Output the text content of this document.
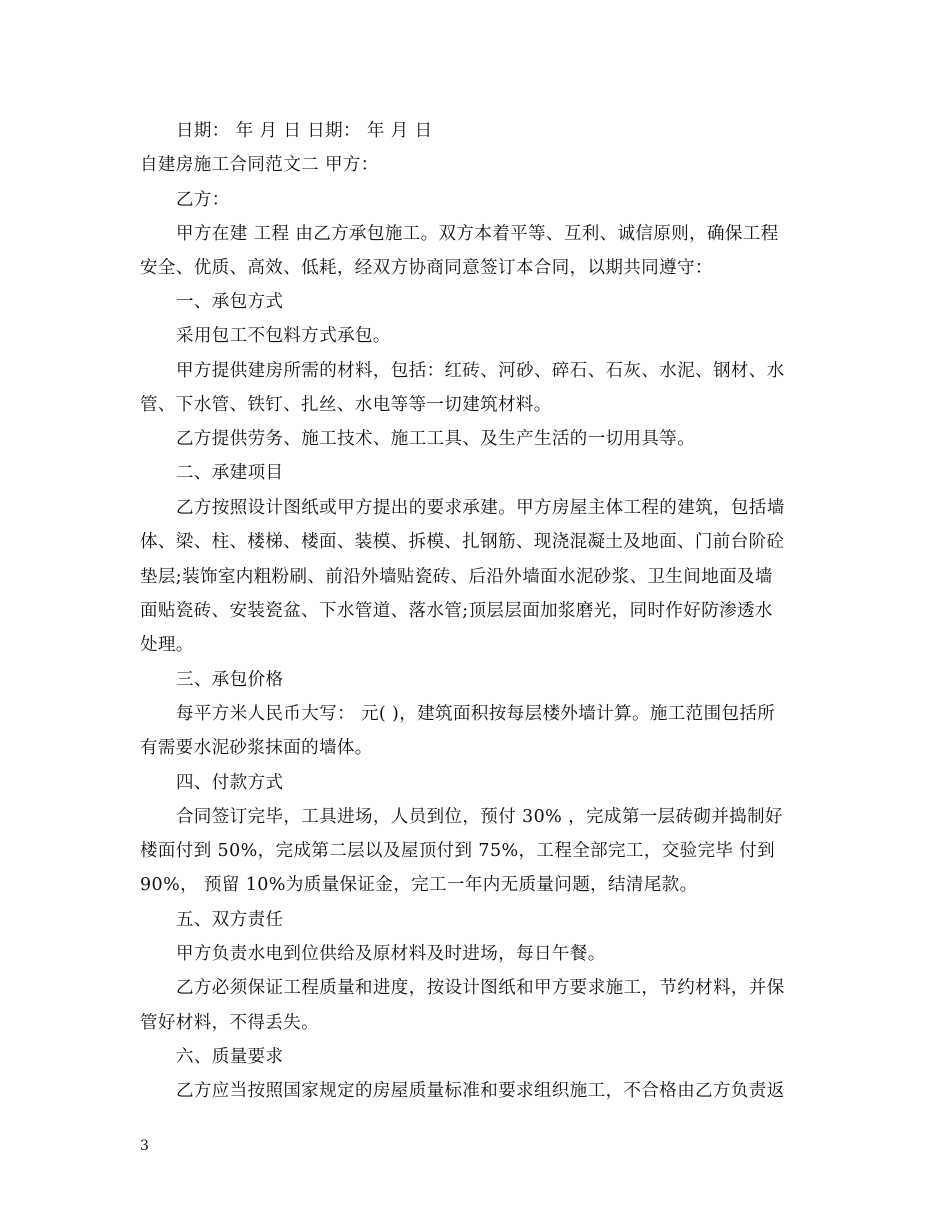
日期： 年 月 日 日期： 年 月 日
自建房施工合同范文二 甲方：
乙方：
甲方在建 工程 由乙方承包施工。双方本着平等、互利、诚信原则，确保工程
安全、优质、高效、低耗，经双方协商同意签订本合同，以期共同遵守：
一、承包方式
采用包工不包料方式承包。
甲方提供建房所需的材料，包括：红砖、河砂、碎石、石灰、水泥、钢材、水
管、下水管、铁钉、扎丝、水电等等一切建筑材料。
乙方提供劳务、施工技术、施工工具、及生产生活的一切用具等。
二、承建项目
乙方按照设计图纸或甲方提出的要求承建。甲方房屋主体工程的建筑，包括墙
体、梁、柱、楼梯、楼面、装模、拆模、扎钢筋、现浇混凝土及地面、门前台阶砼
垫层;装饰室内粗粉刷、前沿外墙贴瓷砖、后沿外墙面水泥砂浆、卫生间地面及墙
面贴瓷砖、安装瓷盆、下水管道、落水管;顶层层面加浆磨光，同时作好防渗透水
处理。
三、承包价格
每平方米人民币大写： 元( )，建筑面积按每层楼外墙计算。施工范围包括所
有需要水泥砂浆抹面的墙体。
四、付款方式
合同签订完毕，工具进场，人员到位，预付 30% ，完成第一层砖砌并捣制好
楼面付到 50%，完成第二层以及屋顶付到 75%，工程全部完工，交验完毕 付到
90%， 预留 10%为质量保证金，完工一年内无质量问题，结清尾款。
五、双方责任
甲方负责水电到位供给及原材料及时进场，每日午餐。
乙方必须保证工程质量和进度，按设计图纸和甲方要求施工，节约材料，并保
管好材料，不得丢失。
六、质量要求
乙方应当按照国家规定的房屋质量标准和要求组织施工，不合格由乙方负责返
3
